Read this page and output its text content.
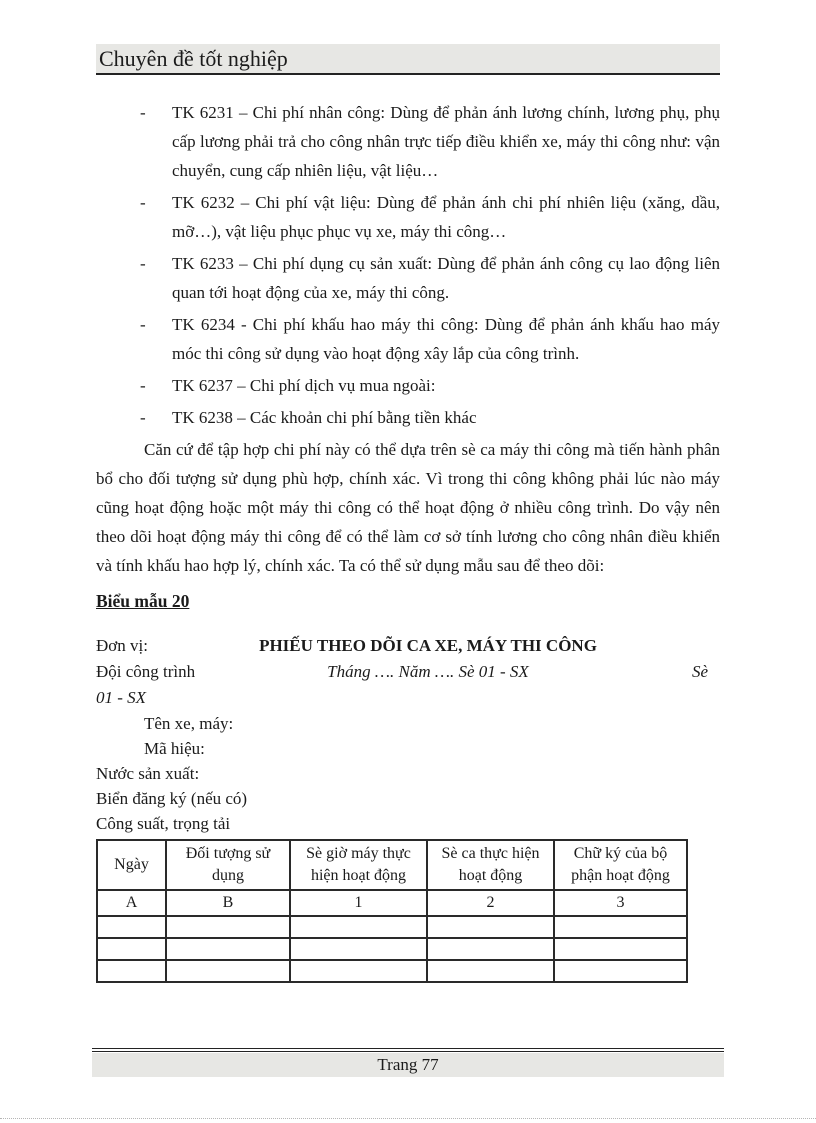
Chuyên đề tốt nghiệp
- TK 6231 – Chi phí nhân công: Dùng để phản ánh lương chính, lương phụ, phụ cấp lương phải trả cho công nhân trực tiếp điều khiển xe, máy thi công như: vận chuyển, cung cấp nhiên liệu, vật liệu…
- TK 6232 – Chi phí vật liệu: Dùng để phản ánh chi phí nhiên liệu (xăng, dầu, mỡ…), vật liệu phục phục vụ xe, máy thi công…
- TK 6233 – Chi phí dụng cụ sản xuất: Dùng để phản ánh công cụ lao động liên quan tới hoạt động của xe, máy thi công.
- TK 6234 - Chi phí khấu hao máy thi công: Dùng để phản ánh khấu hao máy móc thi công sử dụng vào hoạt động xây lắp của công trình.
- TK 6237 – Chi phí dịch vụ mua ngoài:
- TK 6238 – Các khoản chi phí bằng tiền khác

Căn cứ để tập hợp chi phí này có thể dựa trên sè ca máy thi công mà tiến hành phân bổ cho đối tượng sử dụng phù hợp, chính xác. Vì trong thi công không phải lúc nào máy cũng hoạt động hoặc một máy thi công có thể hoạt động ở nhiều công trình. Do vậy nên theo dõi hoạt động máy thi công để có thể làm cơ sở tính lương cho công nhân điều khiển và tính khấu hao hợp lý, chính xác. Ta có thể sử dụng mẫu sau để theo dõi:

Biểu mẫu 20
Đơn vị:	PHIẾU THEO DÕI CA XE, MÁY THI CÔNG
Đội công trình	Tháng …. Năm …. Sè 01 - SX	Sè
01 - SX
Tên xe, máy:
Mã hiệu:
Nước sản xuất:
Biển đăng ký (nếu có)
Công suất, trọng tải
Ngày	Đối tượng sử dụng	Sè giờ máy thực hiện hoạt động	Sè ca thực hiện hoạt động	Chữ ký của bộ phận hoạt động
A	B	1	2	3

Trang 77
